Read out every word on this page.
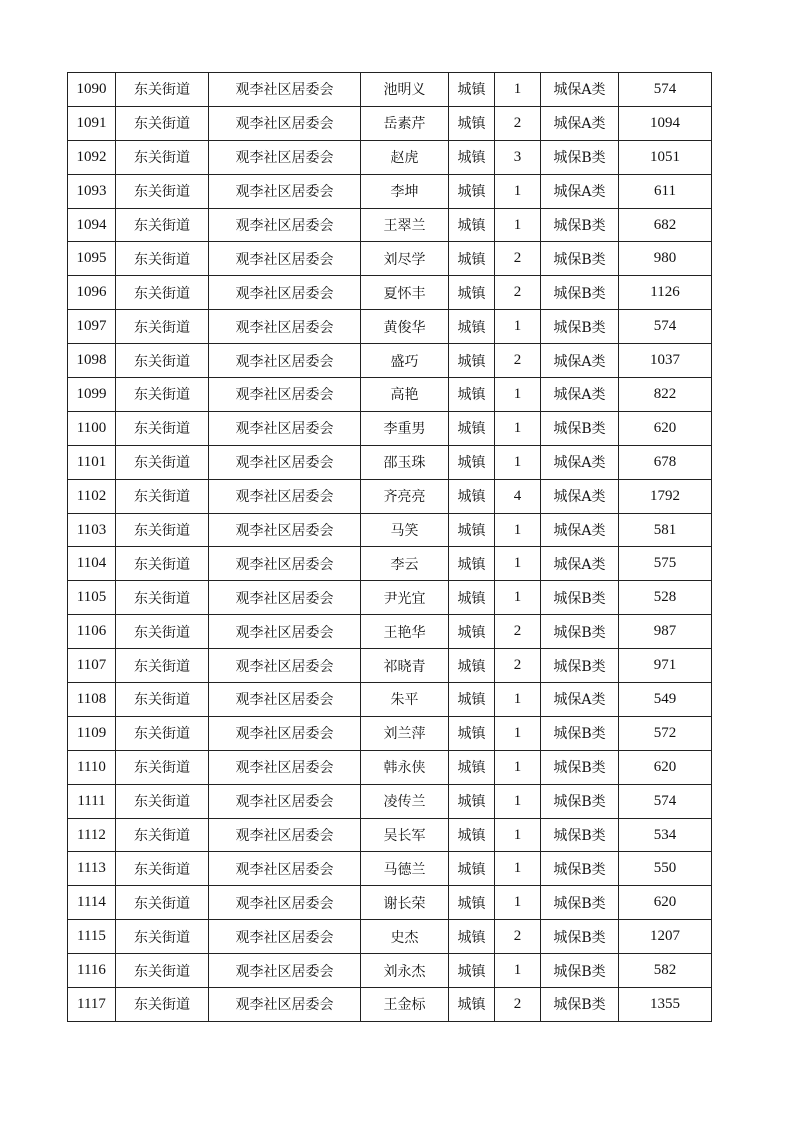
1090	东关街道	观李社区居委会	池明义	城镇	1	城保A类	574
1091	东关街道	观李社区居委会	岳素芹	城镇	2	城保A类	1094
1092	东关街道	观李社区居委会	赵虎	城镇	3	城保B类	1051
1093	东关街道	观李社区居委会	李坤	城镇	1	城保A类	611
1094	东关街道	观李社区居委会	王翠兰	城镇	1	城保B类	682
1095	东关街道	观李社区居委会	刘尽学	城镇	2	城保B类	980
1096	东关街道	观李社区居委会	夏怀丰	城镇	2	城保B类	1126
1097	东关街道	观李社区居委会	黄俊华	城镇	1	城保B类	574
1098	东关街道	观李社区居委会	盛巧	城镇	2	城保A类	1037
1099	东关街道	观李社区居委会	高艳	城镇	1	城保A类	822
1100	东关街道	观李社区居委会	李重男	城镇	1	城保B类	620
1101	东关街道	观李社区居委会	邵玉珠	城镇	1	城保A类	678
1102	东关街道	观李社区居委会	齐亮亮	城镇	4	城保A类	1792
1103	东关街道	观李社区居委会	马笑	城镇	1	城保A类	581
1104	东关街道	观李社区居委会	李云	城镇	1	城保A类	575
1105	东关街道	观李社区居委会	尹光宜	城镇	1	城保B类	528
1106	东关街道	观李社区居委会	王艳华	城镇	2	城保B类	987
1107	东关街道	观李社区居委会	祁晓青	城镇	2	城保B类	971
1108	东关街道	观李社区居委会	朱平	城镇	1	城保A类	549
1109	东关街道	观李社区居委会	刘兰萍	城镇	1	城保B类	572
1110	东关街道	观李社区居委会	韩永侠	城镇	1	城保B类	620
1111	东关街道	观李社区居委会	凌传兰	城镇	1	城保B类	574
1112	东关街道	观李社区居委会	吴长军	城镇	1	城保B类	534
1113	东关街道	观李社区居委会	马德兰	城镇	1	城保B类	550
1114	东关街道	观李社区居委会	谢长荣	城镇	1	城保B类	620
1115	东关街道	观李社区居委会	史杰	城镇	2	城保B类	1207
1116	东关街道	观李社区居委会	刘永杰	城镇	1	城保B类	582
1117	东关街道	观李社区居委会	王金标	城镇	2	城保B类	1355
